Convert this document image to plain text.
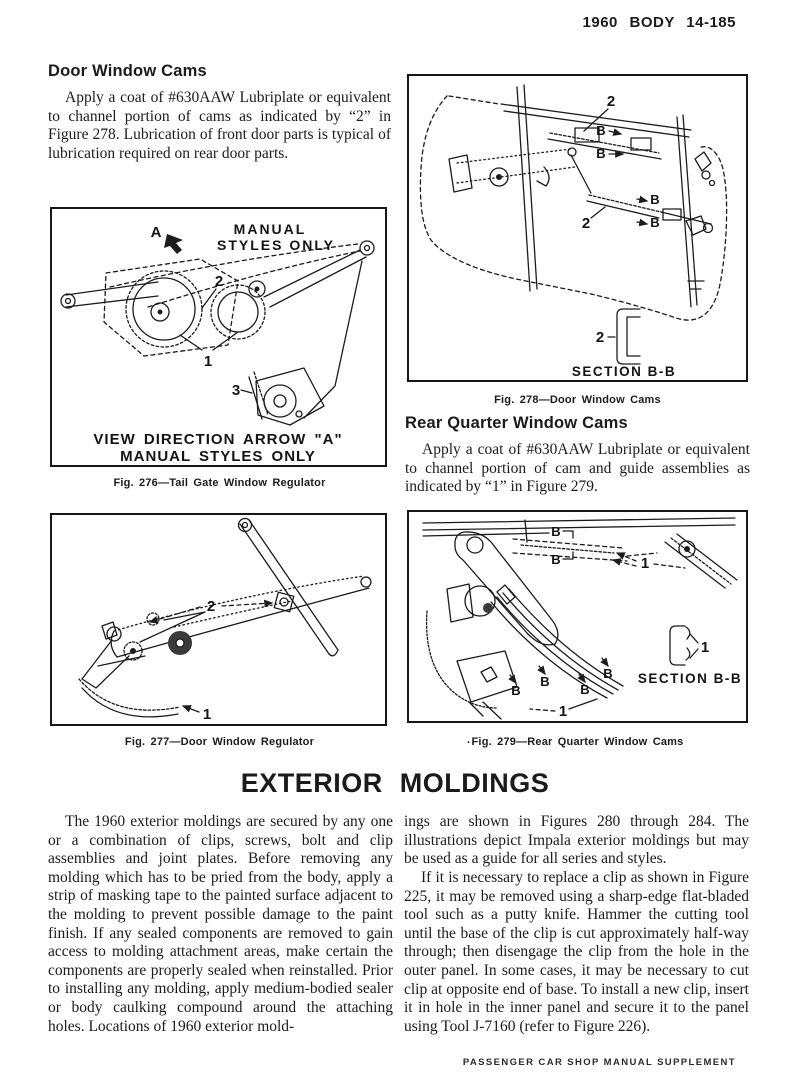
1960 BODY 14-185
Door Window Cams
Apply a coat of #630AAW Lubriplate or equivalent to channel portion of cams as indicated by “2” in Figure 278. Lubrication of front door parts is typical of lubrication required on rear door parts.
A	MANUAL
STYLES ONLY
2
1
3
VIEW DIRECTION ARROW "A"
MANUAL STYLES ONLY
Fig. 276—Tail Gate Window Regulator
2
1
Fig. 277—Door Window Regulator
2
B
B
B
B
2
2
SECTION B-B
Fig. 278—Door Window Cams
Rear Quarter Window Cams
Apply a coat of #630AAW Lubriplate or equivalent to channel portion of cam and guide assemblies as indicated by “1” in Figure 279.
B
B	1
B
B
B
B
1
1
SECTION B-B
· Fig. 279—Rear Quarter Window Cams
EXTERIOR MOLDINGS
The 1960 exterior moldings are secured by any one or a combination of clips, screws, bolt and clip assemblies and joint plates. Before removing any molding which has to be pried from the body, apply a strip of masking tape to the painted surface adjacent to the molding to prevent possible damage to the paint finish. If any sealed components are removed to gain access to molding attachment areas, make certain the components are properly sealed when reinstalled. Prior to installing any molding, apply medium-bodied sealer or body caulking compound around the attaching holes. Locations of 1960 exterior mold-
ings are shown in Figures 280 through 284. The illustrations depict Impala exterior moldings but may be used as a guide for all series and styles.
If it is necessary to replace a clip as shown in Figure 225, it may be removed using a sharp-edge flat-bladed tool such as a putty knife. Hammer the cutting tool until the base of the clip is cut approximately half-way through; then disengage the clip from the hole in the outer panel. In some cases, it may be necessary to cut clip at opposite end of base. To install a new clip, insert it in hole in the inner panel and secure it to the panel using Tool J-7160 (refer to Figure 226).
PASSENGER CAR SHOP MANUAL SUPPLEMENT
